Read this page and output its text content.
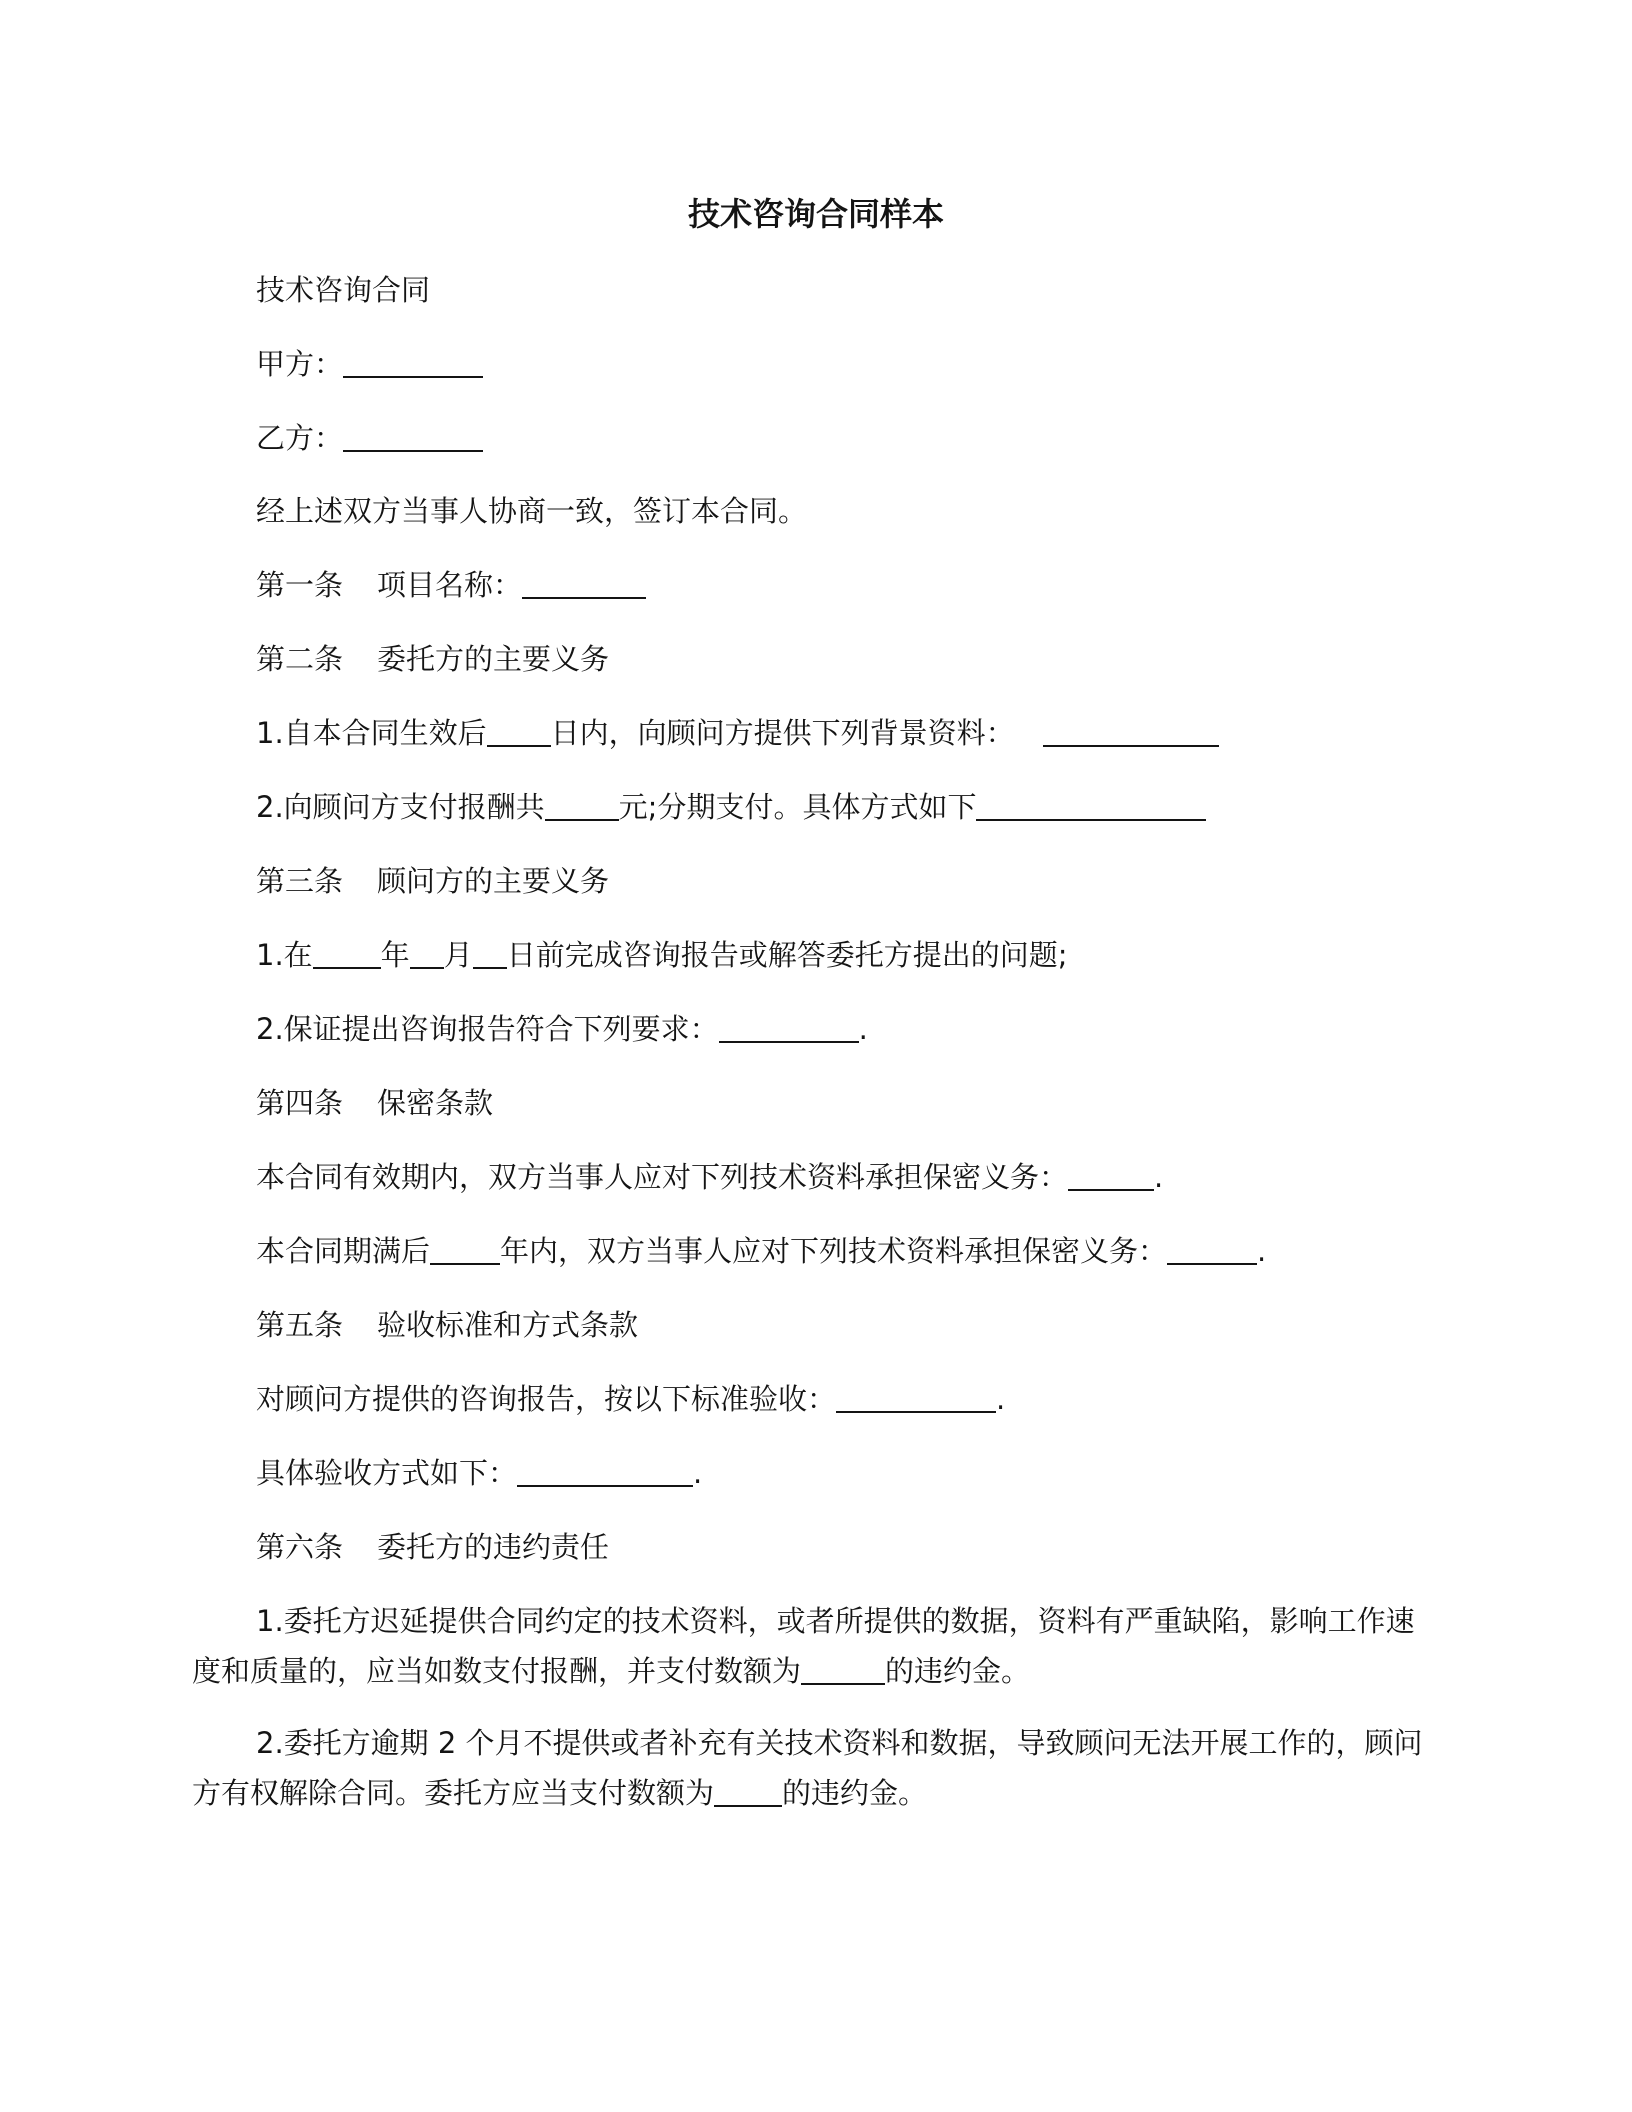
技术咨询合同样本
技术咨询合同
甲方：
乙方：
经上述双方当事人协商一致，签订本合同。
第一条 项目名称：
第二条 委托方的主要义务
1.自本合同生效后 日内，向顾问方提供下列背景资料：
2.向顾问方支付报酬共	元;分期支付。具体方式如下
第三条 顾问方的主要义务
1.在 年 月 日前完成咨询报告或解答委托方提出的问题;
2.保证提出咨询报告符合下列要求：	.
第四条 保密条款
本合同有效期内，双方当事人应对下列技术资料承担保密义务：	.
本合同期满后 年内，双方当事人应对下列技术资料承担保密义务：	.
第五条 验收标准和方式条款
对顾问方提供的咨询报告，按以下标准验收：	.
具体验收方式如下：	.
第六条 委托方的违约责任
1.委托方迟延提供合同约定的技术资料，或者所提供的数据，资料有严重缺陷，影响工作速度和质量的，应当如数支付报酬，并支付数额为	的违约金。
2.委托方逾期 2 个月不提供或者补充有关技术资料和数据，导致顾问无法开展工作的，顾问方有权解除合同。委托方应当支付数额为 的违约金。
